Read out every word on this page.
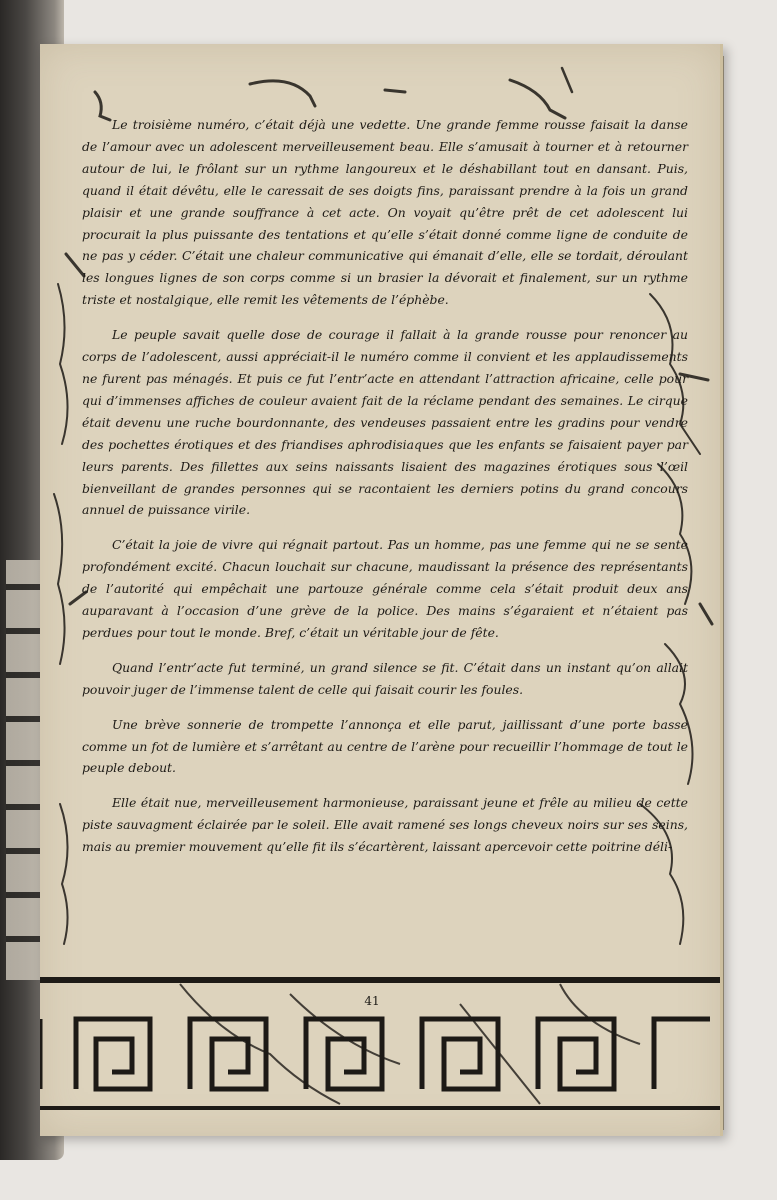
Le troisième numéro, c’était déjà une vedette. Une grande femme rousse faisait la danse de l’amour avec un adolescent merveilleusement beau. Elle s’amusait à tourner et à retourner autour de lui, le frôlant sur un rythme langoureux et le déshabillant tout en dansant. Puis, quand il était dévêtu, elle le caressait de ses doigts fins, paraissant prendre à la fois un grand plaisir et une grande souffrance à cet acte. On voyait qu’être prêt de cet adolescent lui procurait la plus puissante des tentations et qu’elle s’était donné comme ligne de conduite de ne pas y céder. C’était une chaleur communicative qui émanait d’elle, elle se tordait, déroulant les longues lignes de son corps comme si un brasier la dévorait et finalement, sur un rythme triste et nostalgique, elle remit les vêtements de l’éphèbe.

Le peuple savait quelle dose de courage il fallait à la grande rousse pour renoncer au corps de l’adolescent, aussi appréciait-il le numéro comme il convient et les applaudissements ne furent pas ménagés. Et puis ce fut l’entr’acte en attendant l’attraction africaine, celle pour qui d’immenses affiches de couleur avaient fait de la réclame pendant des semaines. Le cirque était devenu une ruche bourdonnante, des vendeuses passaient entre les gradins pour vendre des pochettes érotiques et des friandises aphrodisiaques que les enfants se faisaient payer par leurs parents. Des fillettes aux seins naissants lisaient des magazines érotiques sous l’œil bienveillant de grandes personnes qui se racontaient les derniers potins du grand concours annuel de puissance virile.

C’était la joie de vivre qui régnait partout. Pas un homme, pas une femme qui ne se sente profondément excité. Chacun louchait sur chacune, maudissant la présence des représentants de l’autorité qui empêchait une partouze générale comme cela s’était produit deux ans auparavant à l’occasion d’une grève de la police. Des mains s’égaraient et n’étaient pas perdues pour tout le monde. Bref, c’était un véritable jour de fête.

Quand l’entr’acte fut terminé, un grand silence se fit. C’était dans un instant qu’on allait pouvoir juger de l’immense talent de celle qui faisait courir les foules.

Une brève sonnerie de trompette l’annonça et elle parut, jaillissant d’une porte basse comme un fot de lumière et s’arrêtant au centre de l’arène pour recueillir l’hommage de tout le peuple debout.

Elle était nue, merveilleusement harmonieuse, paraissant jeune et frêle au milieu de cette piste sauvagment éclairée par le soleil. Elle avait ramené ses longs cheveux noirs sur ses seins, mais au premier mouvement qu’elle fit ils s’écartèrent, laissant apercevoir cette poitrine déli-

41
